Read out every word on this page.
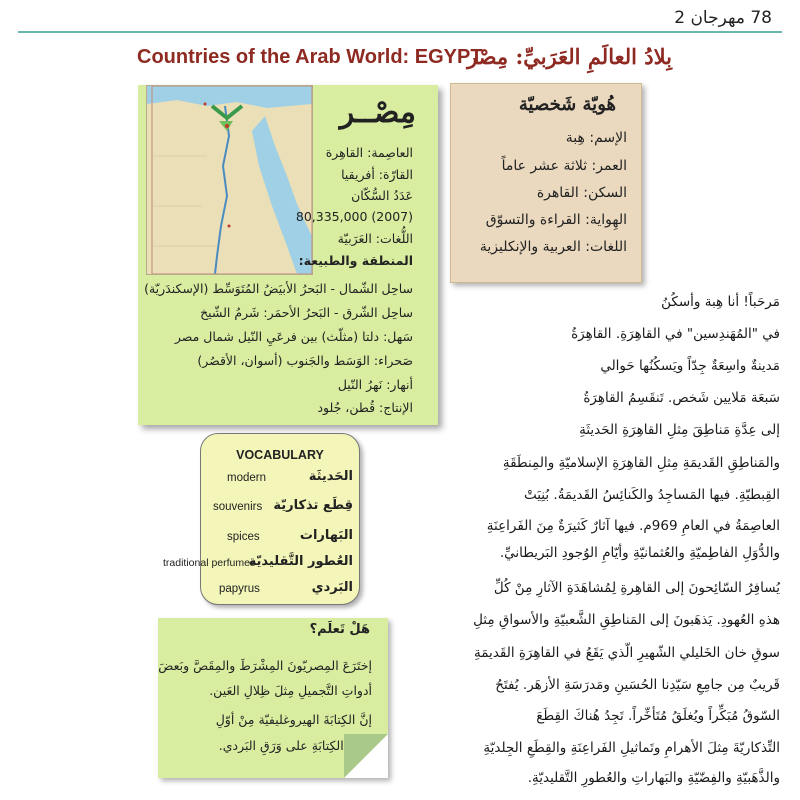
78 مهرجان 2
Countries of the Arab World: EGYPT
بِلادُ العالَمِ العَرَبيِّ: مِصْر
مِصْــر
العاصِمة: القاهِرة
القارّة: أفريقيا
عَدَدُ السُّكّان
80,335,000 (2007)
اللُّغات: العَرَبيّة
المنطقة والطبيعة:
ساحِل الشّمال - البَحرُ الأبيَضُ المُتَوَسِّط (الإسكندَريّة)
ساحِل الشّرق - البَحرُ الأحمَر: شَرمُ الشّيخ
سَهل: دلتا (مثلّث) بين فرعَيِ النّيل شمال مصر
صَحراء: الوَسَط والجَنوب (أسوان، الأقصُر)
أنهار: نَهرُ النّيل
الإنتاج: قُطن، جُلود
هُويّة شَخصيّة
الإسم: هِبة
العمر: ثلاثة عشر عاماً
السكن: القاهرة
الهِواية: القراءة والتسوّق
اللغات: العربية والإنكليزية
VOCABULARY
الحَديثَة
modern
قِطَع تذكاريّة
souvenirs
البَهارات
spices
العُطور التَّقليديّة
traditional perfumes
البَردي
papyrus
هَلْ تَعلَم؟
إختَرَعَ المِصريّونَ المِشْرَطَ والمِقَصَّ وبَعضَ
أدواتِ التَّجميلِ مِثلَ ظِلالِ العَين.
إنَّ الكِتابَةَ الهيروغليفيّة مِنْ أوّلِ
أنواعِ الكِتابَةِ على وَرَقِ البَردي.
مَرحَباً! أنا هِبة وأسكُنُ
في "المُهَندِسين" في القاهِرَةِ. القاهِرَةُ
مَدينةٌ واسِعَةٌ جِدّاً ويَسكُنُها حَوالي
سَبعَة مَلايين شَخص. تَنقَسِمُ القاهِرَةُ
إلى عِدَّةِ مَناطِقَ مِثلِ القاهِرَةِ الحَديثَةِ
والمَناطِقِ القَديمَةِ مِثلِ القاهِرَةِ الإسلاميّةِ والمِنطَقَةِ
القِبطيّةِ. فيها المَساجِدُ والكَنائِسُ القَديمَةُ. بُنِيَتْ
العاصِمَةُ في العامِ 969م. فيها آثارٌ كَثيرَةٌ مِنَ الفَراعِنَةِ
والدُّوَلِ الفاطِميّةِ والعُثمانيّةِ وأيّامِ الوُجودِ البَريطانيِّ.
يُسافِرُ السّائِحونَ إلى القاهِرةِ لِمُشاهَدَةِ الآثارِ مِنْ كُلِّ
هذهِ العُهودِ. يَذهَبونَ إلى المَناطِقِ الشَّعبيّةِ والأسواقِ مِثلِ
سوقِ خان الخَليلي الشّهيرِ الّذي يَقَعُ في القاهِرَةِ القَديمَةِ
قَريبٌ مِن جامِعِ سَيّدِنا الحُسَينِ ومَدرَسَةِ الأزهَر. يُفتَحُ
السّوقُ مُبَكِّراً ويُغلَقُ مُتَأخِّراً. تَجِدُ هُناكَ القِطَعَ
التِّذكاريّةَ مِثلَ الأهرامِ وتَماثيلِ الفَراعِنَةِ والقِطَعِ الجِلديّةِ
والذَّهَبيّةِ والفِضّيّةِ والبَهاراتِ والعُطورِ التَّقليديّةِ.
